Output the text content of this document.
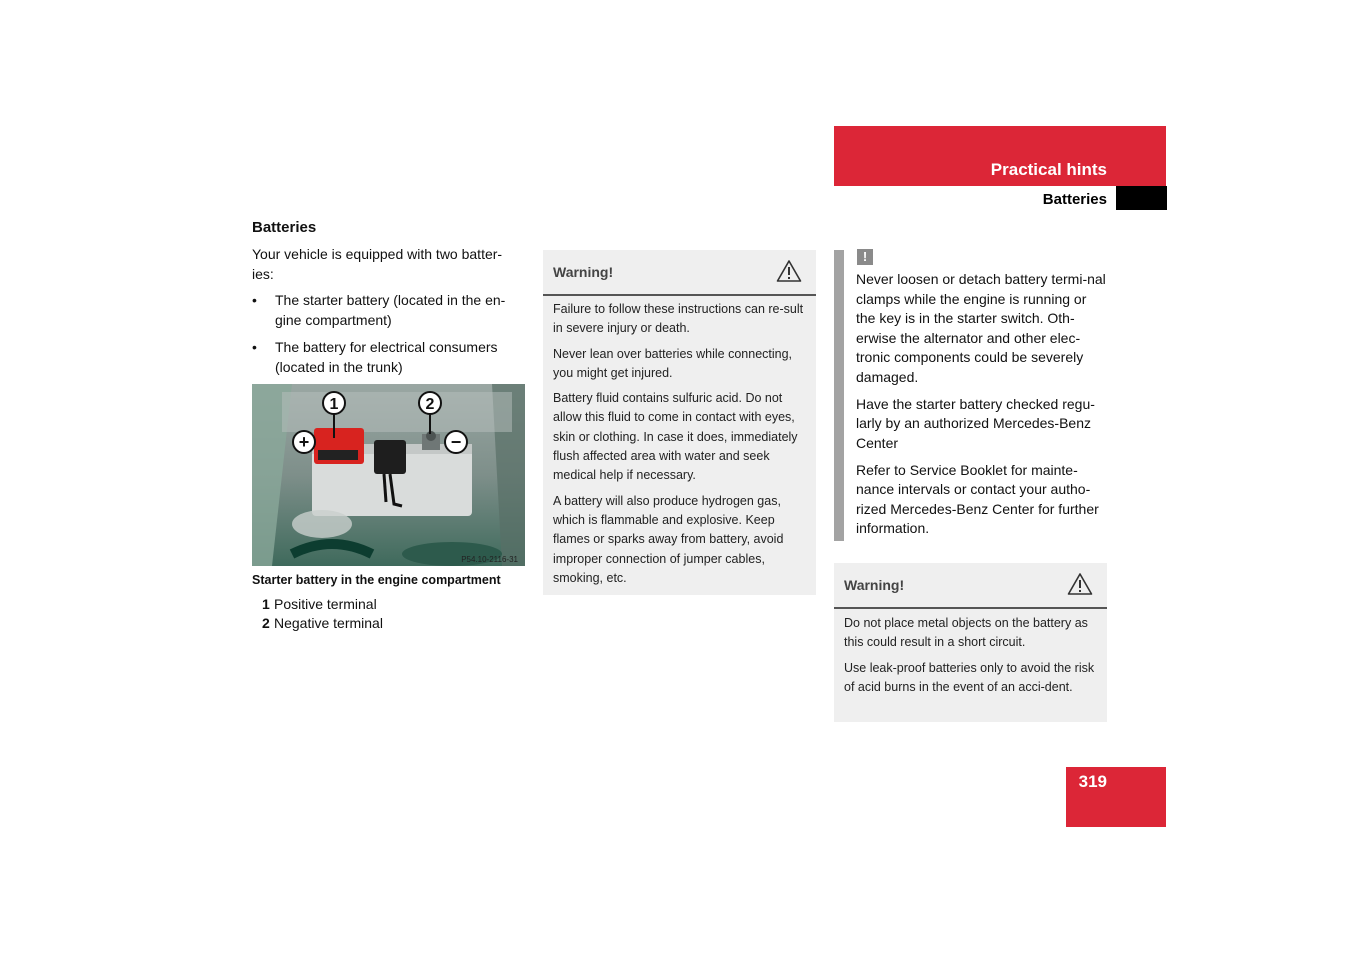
Practical hints
Batteries
Batteries
Your vehicle is equipped with two batter-ies:
• The starter battery (located in the en-gine compartment)
• The battery for electrical consumers (located in the trunk)
1	2
+	−
P54.10-2116-31
Starter battery in the engine compartment
1 Positive terminal
2 Negative terminal
Warning!

Failure to follow these instructions can re-sult in severe injury or death.

Never lean over batteries while connecting, you might get injured.

Battery fluid contains sulfuric acid. Do not allow this fluid to come in contact with eyes, skin or clothing. In case it does, immediately flush affected area with water and seek medical help if necessary.

A battery will also produce hydrogen gas, which is flammable and explosive. Keep flames or sparks away from battery, avoid improper connection of jumper cables, smoking, etc.

!

Never loosen or detach battery termi-nal clamps while the engine is running or the key is in the starter switch. Oth-erwise the alternator and other elec-tronic components could be severely damaged.

Have the starter battery checked regu-larly by an authorized Mercedes-Benz Center

Refer to Service Booklet for mainte-nance intervals or contact your autho-rized Mercedes-Benz Center for further information.

Warning!

Do not place metal objects on the battery as this could result in a short circuit.

Use leak-proof batteries only to avoid the risk of acid burns in the event of an acci-dent.

319
